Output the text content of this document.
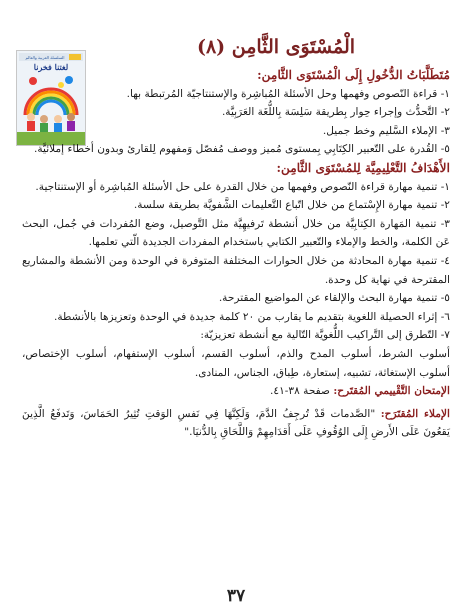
السلسلة العربية والعالم
لغتنا فخرنا
الْمُسْتَوَى الثَّامِن (٨)

مُتَطَلَّبَاتُ الدُّخُولِ إِلَى الْمُسْتَوَى الثَّامِن:

١- قراءة النّصوص وفهمها وحل الأسئلة المُباشِرة والإستنتاجيّة المُرتبطة بها.

٢- التَّحدُّث وإجراء حِوار بِطريقة سَلِسَة بِاللُّغَة العَرَبِيَّة.

٣- الإملاء السَّليم وخط جميل.

٥- القُدرة على التّعبير الكِتَابِي بِمستوى مُميز ووصف مُفصّل وَمفهوم لِلقارئ وبدون أخطاء إملائيَّة.

الأَهْدَافُ التَّعْلِيمِيَّة لِلمُسْتَوَى الثَّامِن:

١- تنمية مهارة قراءة النّصوص وفهمها من خلال القدرة على حل الأسئلة المُباشِرة أو الإستنتاجية.

٢- تنمية مهارة الإِسْتماع من خلال اتّباع التَّعليمات الشَّفويَّة بطريقة سلسة.

٣- تنمية المَهارة الكِتابِيَّة من خلال أنشطة تَرفيهِيَّة مثل التَّوصيل، وضع المُفردات في جُمل، البحث عَن الكلمة، والخط والإملاء والتّعبير الكتابي باستخدام المفردات الجديدة الّتي تعلمها.

٤- تنمية مهارة المحادثة من خلال الحوارات المختلفة المتوفرة في الوحدة ومن الأنشطة والمشاريع المقترحة في نهاية كل وحدة.

٥- تنمية مهارة البحث والإلقاء عن المواضيع المقترحة.

٦- إثراء الحصيلة اللغوية بتقديم ما يقارب من ٢٠ كلمة جديدة في الوحدة وتعزيزها بالأنشطة.

٧- التّطرق إلى التَّراكيب اللُّغويَّة التّالية مع أنشطة تعزيزيّة:

أسلوب الشرط، أسلوب المدح والذم، أسلوب القسم، أسلوب الإستفهام، أسلوب الإختصاص، أسلوب الإستغاثة، تشبيه، إستعارة، طِباق، الجناس، المنادى.

الإمتحان التَّقْييمي المُقتَرح: صفحة ٣٨-٤١.

الإملاء المُقتَرَح: "الصَّدمات قَدْ تُرجِفُ الدَّمَ، وَلَكِنَّهَا فِي نَفسِ الوَقتِ تُثِيرُ الحَمَاسَ، وَتَدفَعُ الَّذِينَ يَقعُونَ عَلَى الأَرضِ إِلَى الوُقُوفِ عَلَى أَقدَامِهِمْ وَاللَّحَاقِ بِالدُّنيَا."

٣٧
